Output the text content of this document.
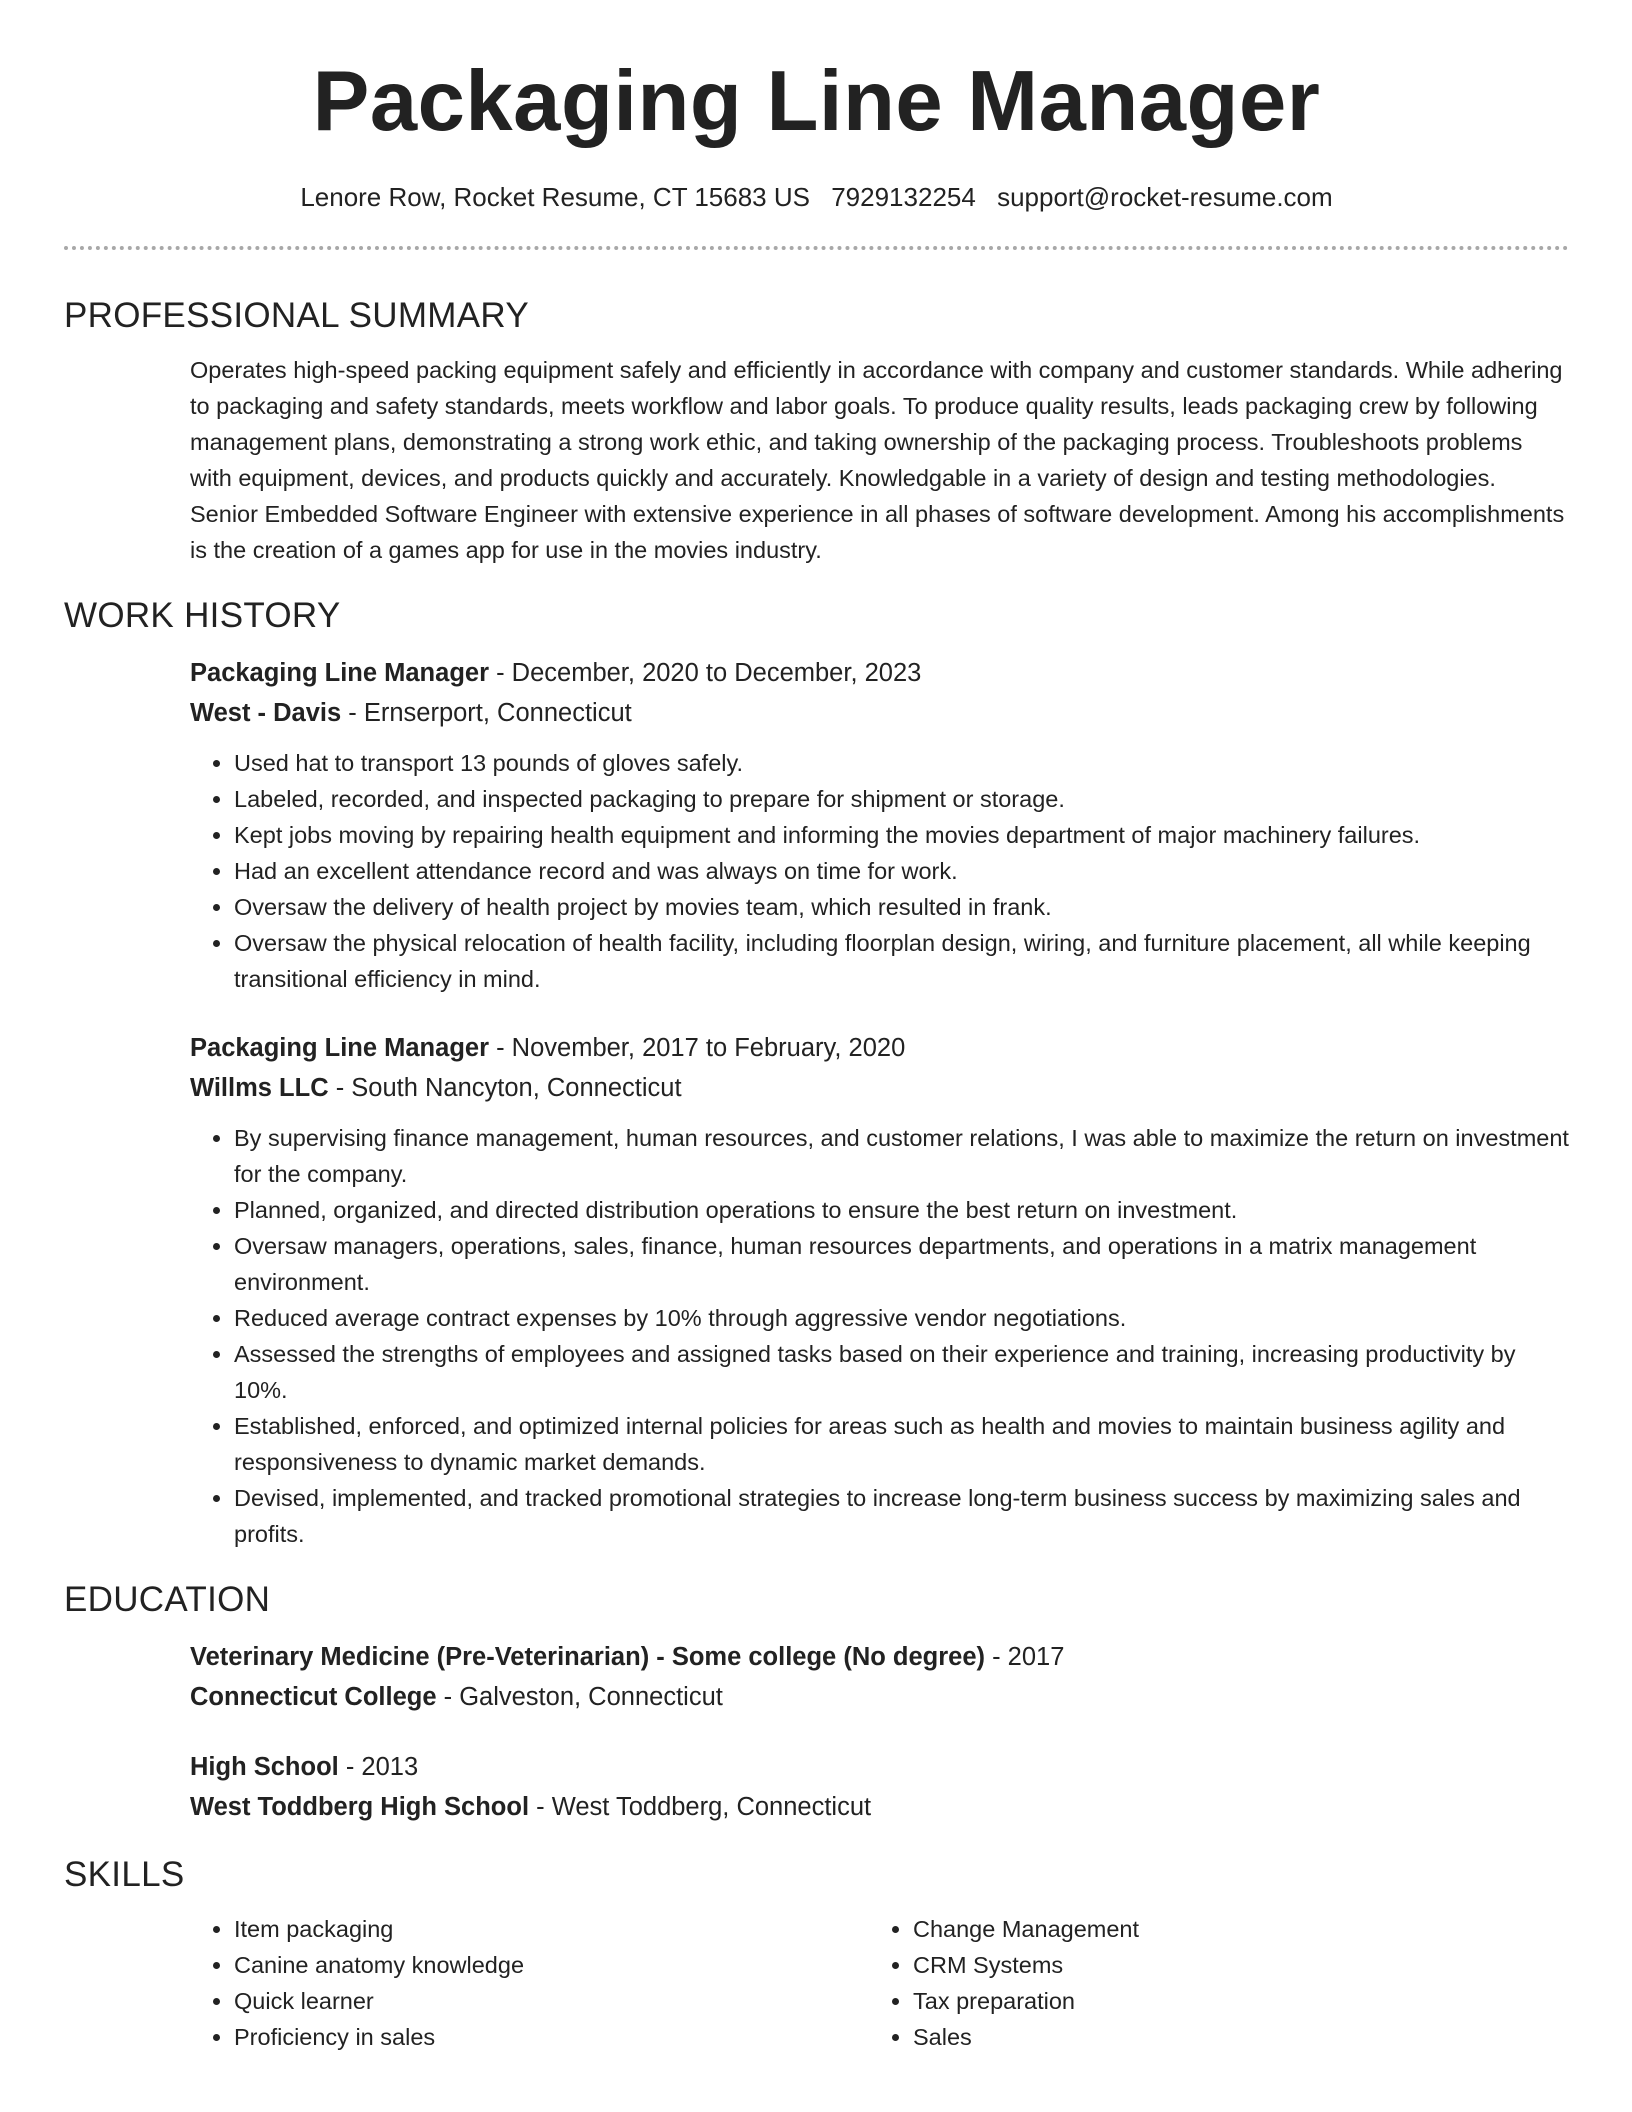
Packaging Line Manager
Lenore Row, Rocket Resume, CT 15683 US 7929132254 support@rocket-resume.com
PROFESSIONAL SUMMARY

Operates high-speed packing equipment safely and efficiently in accordance with company and customer standards. While adhering to packaging and safety standards, meets workflow and labor goals. To produce quality results, leads packaging crew by following management plans, demonstrating a strong work ethic, and taking ownership of the packaging process. Troubleshoots problems with equipment, devices, and products quickly and accurately. Knowledgable in a variety of design and testing methodologies. Senior Embedded Software Engineer with extensive experience in all phases of software development. Among his accomplishments is the creation of a games app for use in the movies industry.

WORK HISTORY
Packaging Line Manager - December, 2020 to December, 2023
West - Davis - Ernserport, Connecticut
• Used hat to transport 13 pounds of gloves safely.
• Labeled, recorded, and inspected packaging to prepare for shipment or storage.
• Kept jobs moving by repairing health equipment and informing the movies department of major machinery failures.
• Had an excellent attendance record and was always on time for work.
• Oversaw the delivery of health project by movies team, which resulted in frank.
• Oversaw the physical relocation of health facility, including floorplan design, wiring, and furniture placement, all while keeping transitional efficiency in mind.
Packaging Line Manager - November, 2017 to February, 2020
Willms LLC - South Nancyton, Connecticut
• By supervising finance management, human resources, and customer relations, I was able to maximize the return on investment for the company.
• Planned, organized, and directed distribution operations to ensure the best return on investment.
• Oversaw managers, operations, sales, finance, human resources departments, and operations in a matrix management environment.
• Reduced average contract expenses by 10% through aggressive vendor negotiations.
• Assessed the strengths of employees and assigned tasks based on their experience and training, increasing productivity by 10%.
• Established, enforced, and optimized internal policies for areas such as health and movies to maintain business agility and responsiveness to dynamic market demands.
• Devised, implemented, and tracked promotional strategies to increase long-term business success by maximizing sales and profits.
EDUCATION
Veterinary Medicine (Pre-Veterinarian) - Some college (No degree) - 2017
Connecticut College - Galveston, Connecticut
High School - 2013
West Toddberg High School - West Toddberg, Connecticut
SKILLS
• Item packaging
• Canine anatomy knowledge
• Quick learner
• Proficiency in sales
• Change Management
• CRM Systems
• Tax preparation
• Sales
